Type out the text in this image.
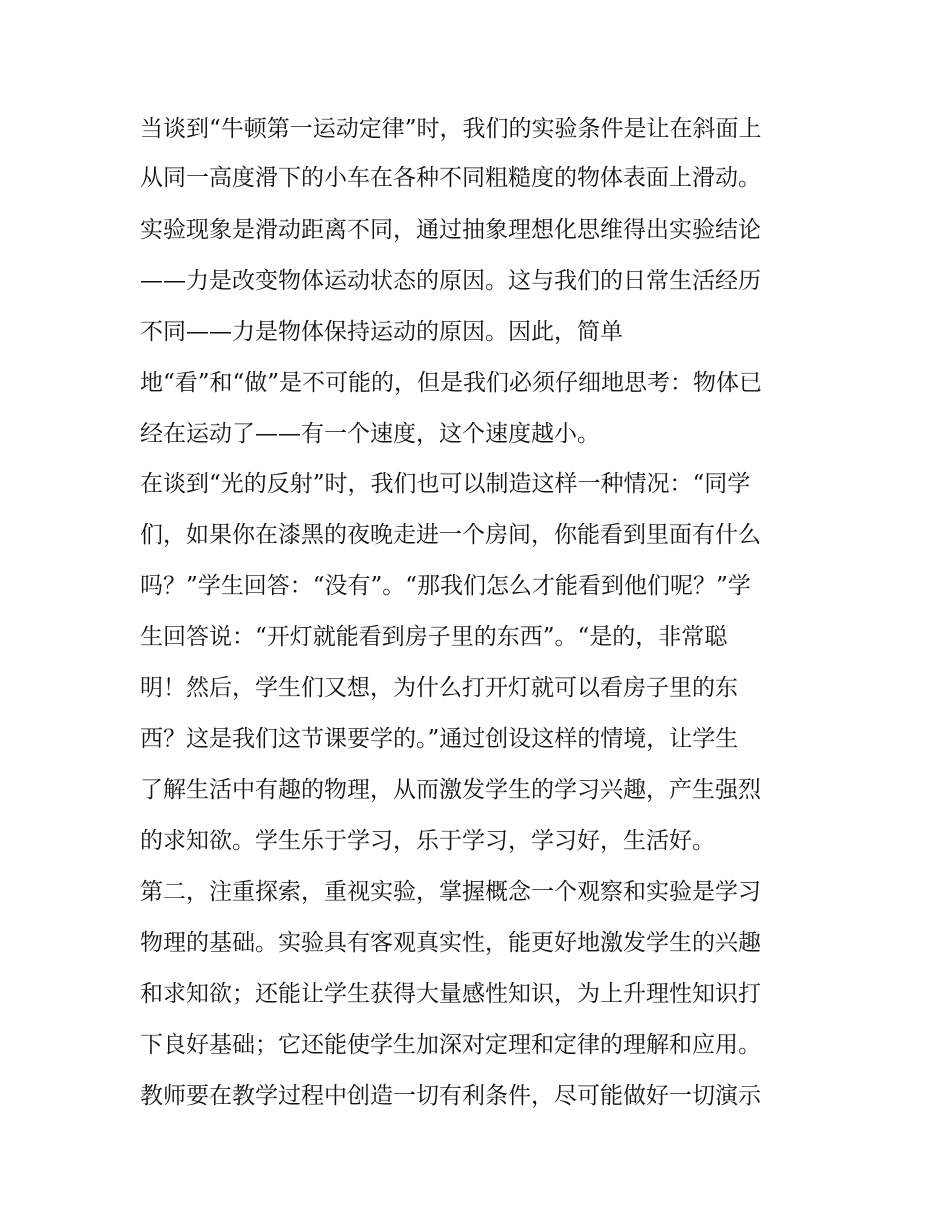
当谈到“牛顿第一运动定律”时，我们的实验条件是让在斜面上
从同一高度滑下的小车在各种不同粗糙度的物体表面上滑动。
实验现象是滑动距离不同，通过抽象理想化思维得出实验结论
——力是改变物体运动状态的原因。这与我们的日常生活经历
不同——力是物体保持运动的原因。因此，简单
地“看”和“做”是不可能的，但是我们必须仔细地思考：物体已
经在运动了——有一个速度，这个速度越小。
在谈到“光的反射”时，我们也可以制造这样一种情况：“同学
们，如果你在漆黑的夜晚走进一个房间，你能看到里面有什么
吗？”学生回答：“没有”。“那我们怎么才能看到他们呢？”学
生回答说：“开灯就能看到房子里的东西”。“是的，非常聪
明！然后，学生们又想，为什么打开灯就可以看房子里的东
西？这是我们这节课要学的。”通过创设这样的情境，让学生
了解生活中有趣的物理，从而激发学生的学习兴趣，产生强烈
的求知欲。学生乐于学习，乐于学习，学习好，生活好。
第二，注重探索，重视实验，掌握概念一个观察和实验是学习
物理的基础。实验具有客观真实性，能更好地激发学生的兴趣
和求知欲；还能让学生获得大量感性知识，为上升理性知识打
下良好基础；它还能使学生加深对定理和定律的理解和应用。
教师要在教学过程中创造一切有利条件，尽可能做好一切演示
